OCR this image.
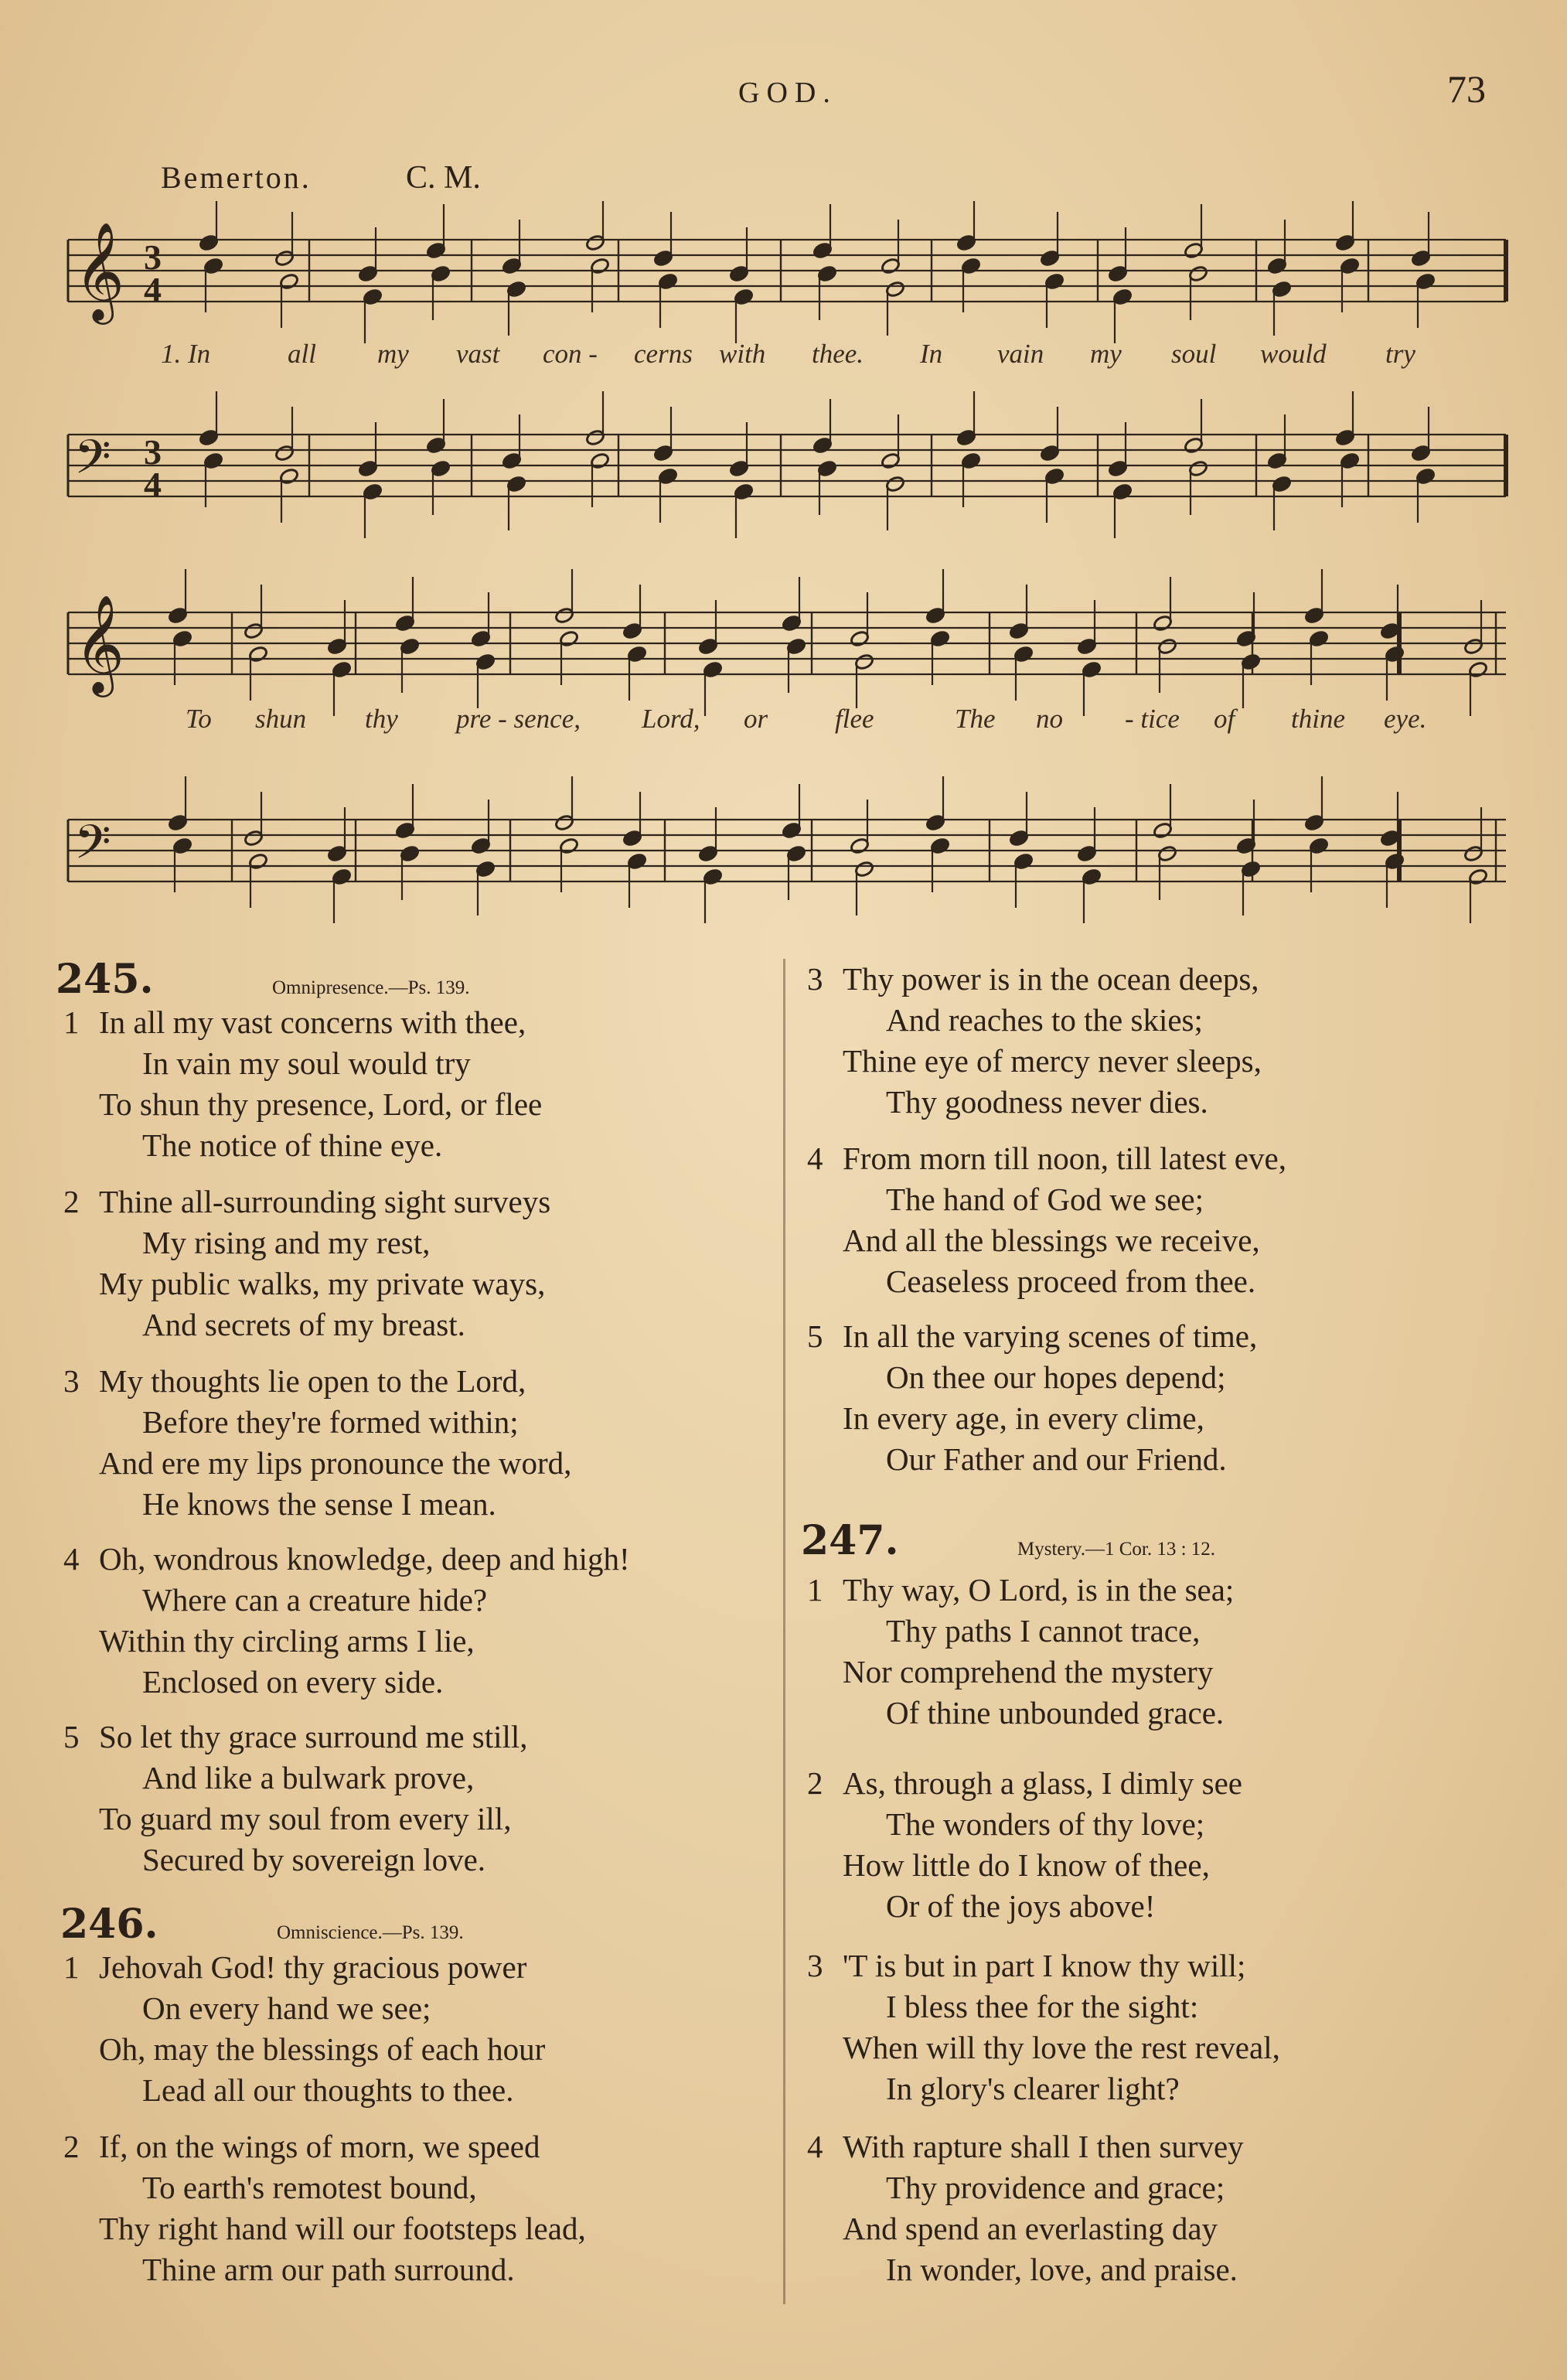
GOD.	73
Bemerton.	C. M.
𝄞 3
4
𝄢 3
4
𝄞
𝄢
1. In	all my vast con - cerns with thee. In vain my soul would try
To shun thy pre - sence, Lord, or flee	The no - tice of thine eye.
245.	Omnipresence.—Ps. 139.
1 In all my vast concerns with thee,
In vain my soul would try
To shun thy presence, Lord, or flee
The notice of thine eye.
2 Thine all-surrounding sight surveys
My rising and my rest,
My public walks, my private ways,
And secrets of my breast.
3 My thoughts lie open to the Lord,
Before they're formed within;
And ere my lips pronounce the word,
He knows the sense I mean.
4 Oh, wondrous knowledge, deep and high!
Where can a creature hide?
Within thy circling arms I lie,
Enclosed on every side.
5 So let thy grace surround me still,
And like a bulwark prove,
To guard my soul from every ill,
Secured by sovereign love.
246.	Omniscience.—Ps. 139.
1 Jehovah God! thy gracious power
On every hand we see;
Oh, may the blessings of each hour
Lead all our thoughts to thee.
2 If, on the wings of morn, we speed
To earth's remotest bound,
Thy right hand will our footsteps lead,
Thine arm our path surround.
3 Thy power is in the ocean deeps,
And reaches to the skies;
Thine eye of mercy never sleeps,
Thy goodness never dies.
4 From morn till noon, till latest eve,
The hand of God we see;
And all the blessings we receive,
Ceaseless proceed from thee.
5 In all the varying scenes of time,
On thee our hopes depend;
In every age, in every clime,
Our Father and our Friend.
247.	Mystery.—1 Cor. 13 : 12.
1 Thy way, O Lord, is in the sea;
Thy paths I cannot trace,
Nor comprehend the mystery
Of thine unbounded grace.
2 As, through a glass, I dimly see
The wonders of thy love;
How little do I know of thee,
Or of the joys above!
3 'T is but in part I know thy will;
I bless thee for the sight:
When will thy love the rest reveal,
In glory's clearer light?
4 With rapture shall I then survey
Thy providence and grace;
And spend an everlasting day
In wonder, love, and praise.
